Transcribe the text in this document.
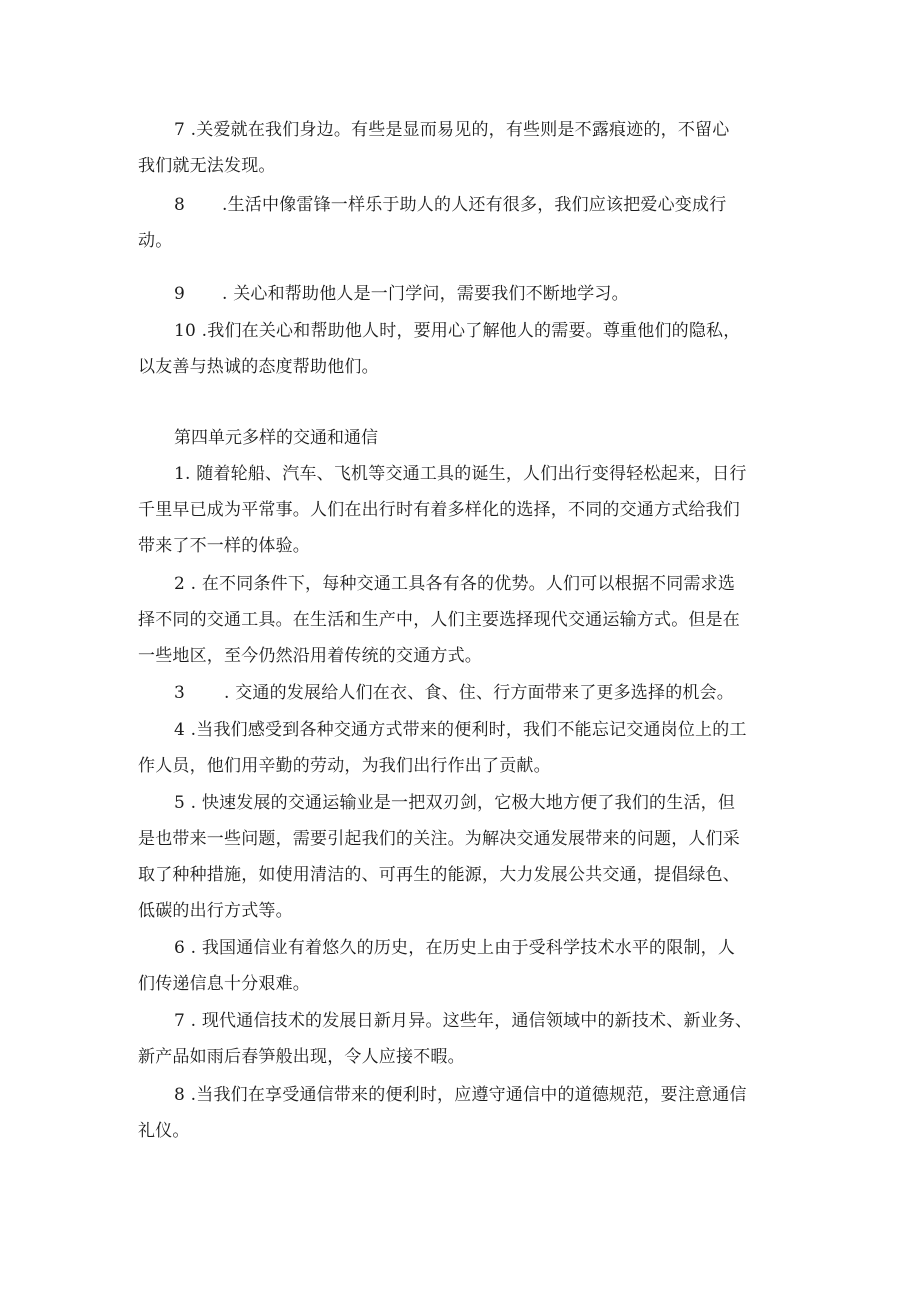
7 .关爱就在我们身边。有些是显而易见的，有些则是不露痕迹的，不留心
我们就无法发现。

8 .生活中像雷锋一样乐于助人的人还有很多，我们应该把爱心变成行
动。

9 . 关心和帮助他人是一门学问，需要我们不断地学习。

10 .我们在关心和帮助他人时，要用心了解他人的需要。尊重他们的隐私，
以友善与热诚的态度帮助他们。

第四单元多样的交通和通信

1. 随着轮船、汽车、飞机等交通工具的诞生，人们出行变得轻松起来，日行
千里早已成为平常事。人们在出行时有着多样化的选择，不同的交通方式给我们
带来了不一样的体验。

2 . 在不同条件下，每种交通工具各有各的优势。人们可以根据不同需求选
择不同的交通工具。在生活和生产中，人们主要选择现代交通运输方式。但是在
一些地区，至今仍然沿用着传统的交通方式。

3 . 交通的发展给人们在衣、食、住、行方面带来了更多选择的机会。

4 .当我们感受到各种交通方式带来的便利时，我们不能忘记交通岗位上的工
作人员，他们用辛勤的劳动，为我们出行作出了贡献。

5 . 快速发展的交通运输业是一把双刃剑，它极大地方便了我们的生活，但
是也带来一些问题，需要引起我们的关注。为解决交通发展带来的问题，人们采
取了种种措施，如使用清洁的、可再生的能源，大力发展公共交通，提倡绿色、
低碳的出行方式等。

6 . 我国通信业有着悠久的历史，在历史上由于受科学技术水平的限制，人
们传递信息十分艰难。

7 . 现代通信技术的发展日新月异。这些年，通信领域中的新技术、新业务、
新产品如雨后春笋般出现，令人应接不暇。

8 .当我们在享受通信带来的便利时，应遵守通信中的道德规范，要注意通信
礼仪。
